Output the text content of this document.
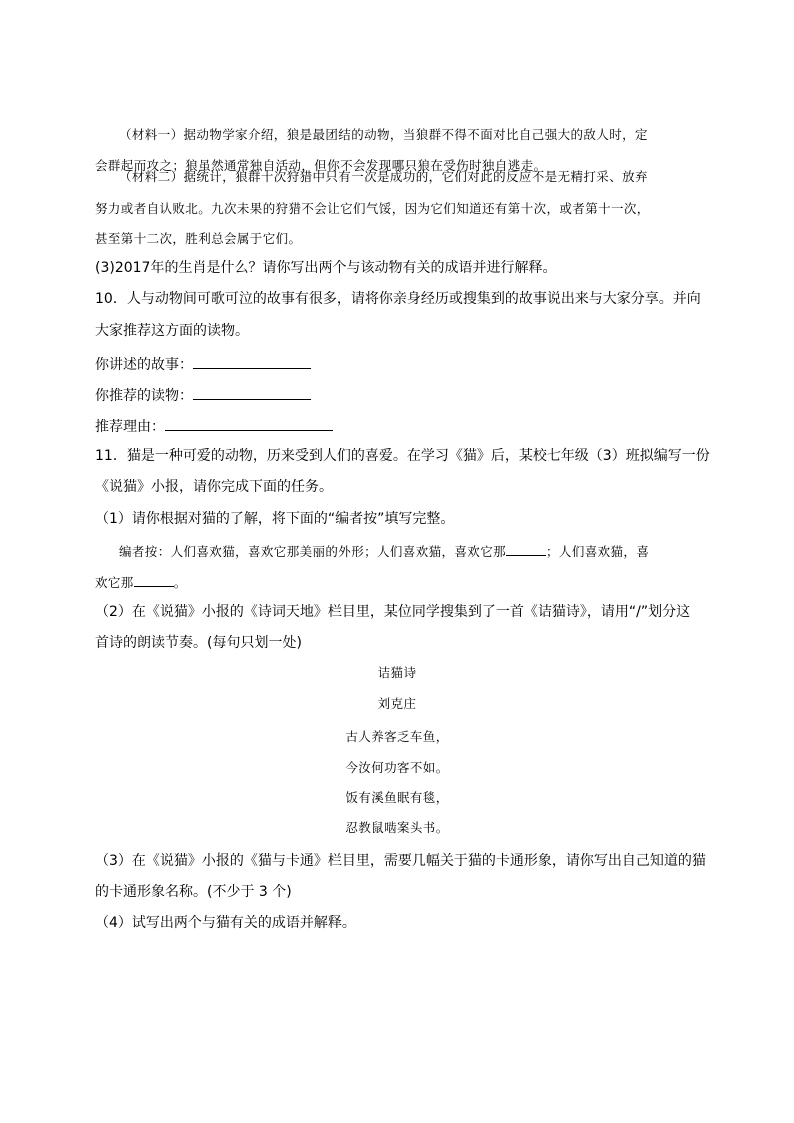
（材料一）据动物学家介绍，狼是最团结的动物，当狼群不得不面对比自己强大的敌人时，定
会群起而攻之；狼虽然通常独自活动，但你不会发现哪只狼在受伤时独自逃走。
（材料二）据统计，狼群十次狩猎中只有一次是成功的，它们对此的反应不是无精打采、放弃
努力或者自认败北。九次未果的狩猎不会让它们气馁，因为它们知道还有第十次，或者第十一次，
甚至第十二次，胜利总会属于它们。
(3)2017年的生肖是什么？请你写出两个与该动物有关的成语并进行解释。
10．人与动物间可歌可泣的故事有很多，请将你亲身经历或搜集到的故事说出来与大家分享。并向
大家推荐这方面的读物。
你讲述的故事：
你推荐的读物：
推荐理由：
11．猫是一种可爱的动物，历来受到人们的喜爱。在学习《猫》后，某校七年级（3）班拟编写一份
《说猫》小报，请你完成下面的任务。
（1）请你根据对猫的了解，将下面的“编者按”填写完整。
编者按：人们喜欢猫，喜欢它那美丽的外形；人们喜欢猫，喜欢它那	；人们喜欢猫，喜
欢它那	。
（2）在《说猫》小报的《诗词天地》栏目里，某位同学搜集到了一首《诘猫诗》，请用“/”划分这
首诗的朗读节奏。(每句只划一处)
诘猫诗
刘克庄
古人养客乏车鱼，
今汝何功客不如。
饭有溪鱼眠有毯，
忍教鼠啮案头书。
（3）在《说猫》小报的《猫与卡通》栏目里，需要几幅关于猫的卡通形象，请你写出自己知道的猫
的卡通形象名称。(不少于 3 个)
（4）试写出两个与猫有关的成语并解释。
